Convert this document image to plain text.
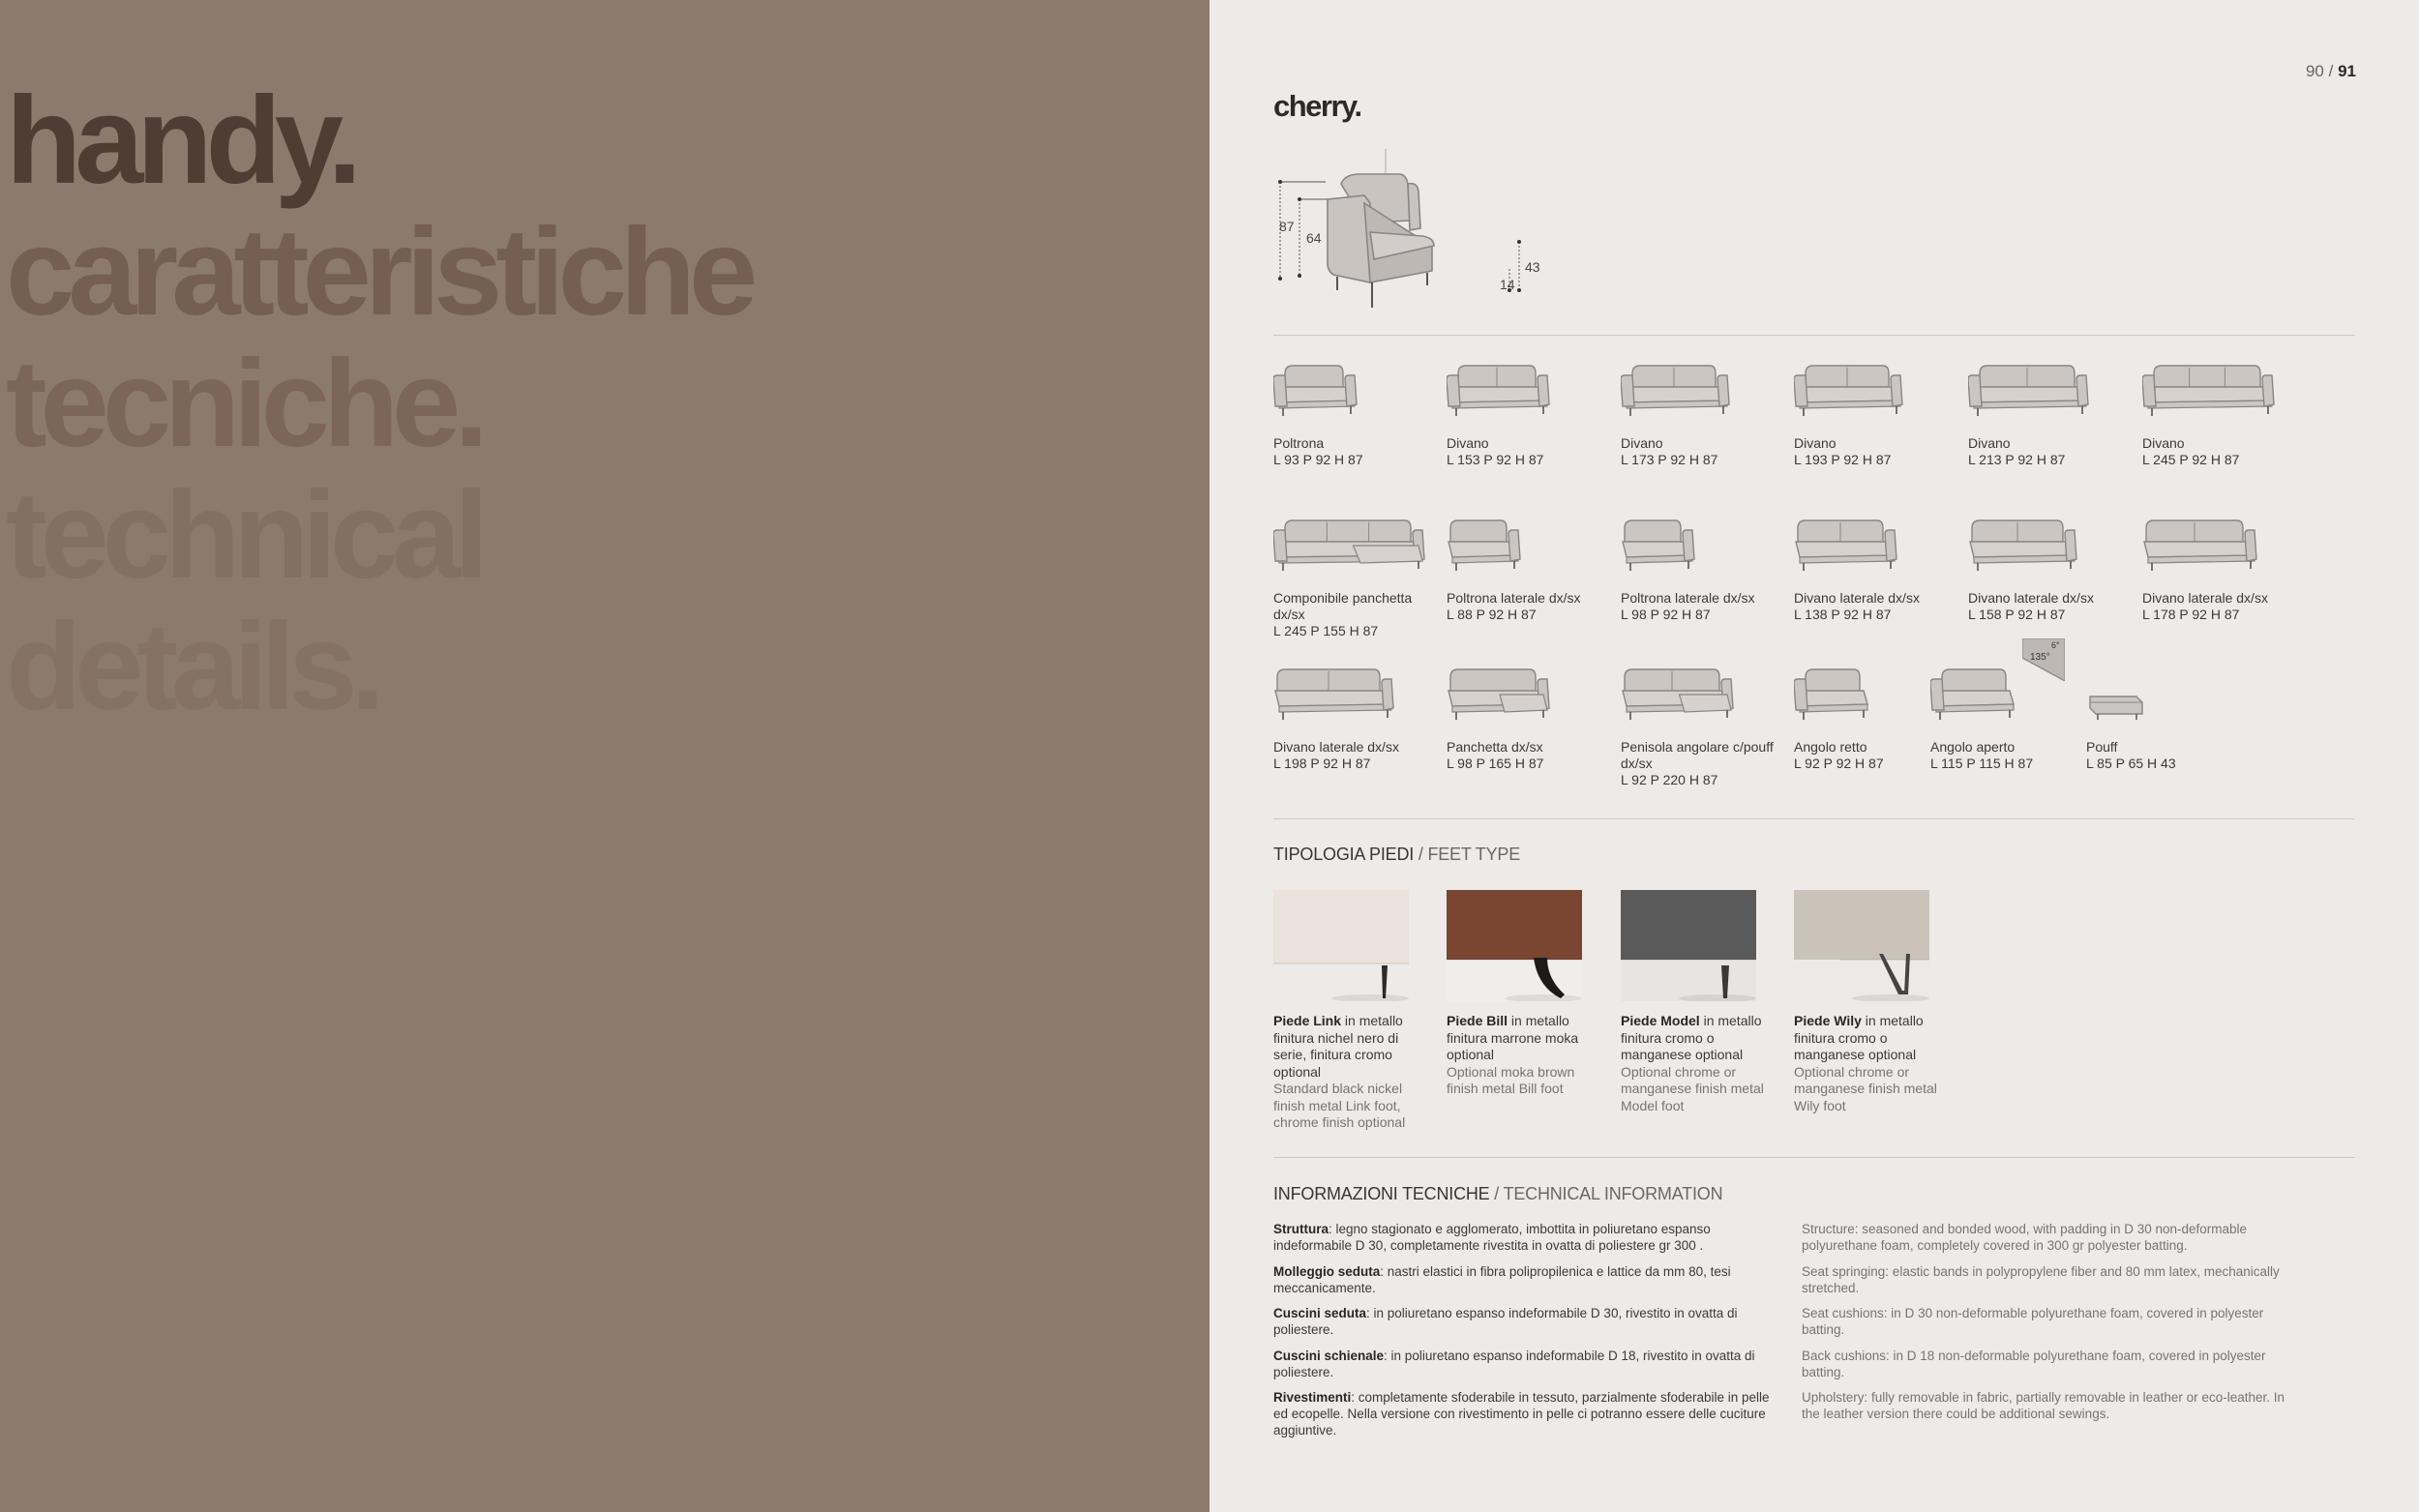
handy.
caratteristiche
tecniche.
technical
details.
90 / 91
cherry.
87
64
43
14
Poltrona
L 93 P 92 H 87
Divano
L 153 P 92 H 87
Divano
L 173 P 92 H 87
Divano
L 193 P 92 H 87
Divano
L 213 P 92 H 87
Divano
L 245 P 92 H 87
Componibile panchetta dx/sx
L 245 P 155 H 87
Poltrona laterale dx/sx
L 88 P 92 H 87
Poltrona laterale dx/sx
L 98 P 92 H 87
Divano laterale dx/sx
L 138 P 92 H 87
Divano laterale dx/sx
L 158 P 92 H 87
Divano laterale dx/sx
L 178 P 92 H 87
Divano laterale dx/sx
L 198 P 92 H 87
Panchetta dx/sx
L 98 P 165 H 87
Penisola angolare c/pouff dx/sx
L 92 P 220 H 87
Angolo retto
L 92 P 92 H 87
Angolo aperto
L 115 P 115 H 87
135°
6°
Pouff
L 85 P 65 H 43
TIPOLOGIA PIEDI / FEET TYPE
Piede Link in metallo finitura nichel nero di serie, finitura cromo optional
Standard black nickel finish metal Link foot, chrome finish optional
Piede Bill in metallo finitura marrone moka optional
Optional moka brown finish metal Bill foot
Piede Model in metallo finitura cromo o manganese optional
Optional chrome or manganese finish metal Model foot
Piede Wily in metallo finitura cromo o manganese optional
Optional chrome or manganese finish metal Wily foot
INFORMAZIONI TECNICHE / TECHNICAL INFORMATION

Struttura: legno stagionato e agglomerato, imbottita in poliuretano espanso indeformabile D 30, completamente rivestita in ovatta di poliestere gr 300 .

Molleggio seduta: nastri elastici in fibra polipropilenica e lattice da mm 80, tesi meccanicamente.

Cuscini seduta: in poliuretano espanso indeformabile D 30, rivestito in ovatta di poliestere.

Cuscini schienale: in poliuretano espanso indeformabile D 18, rivestito in ovatta di poliestere.

Rivestimenti: completamente sfoderabile in tessuto, parzialmente sfoderabile in pelle ed ecopelle. Nella versione con rivestimento in pelle ci potranno essere delle cuciture aggiuntive.

Structure: seasoned and bonded wood, with padding in D 30 non-deformable polyurethane foam, completely covered in 300 gr polyester batting.

Seat springing: elastic bands in polypropylene fiber and 80 mm latex, mechanically stretched.

Seat cushions: in D 30 non-deformable polyurethane foam, covered in polyester batting.

Back cushions: in D 18 non-deformable polyurethane foam, covered in polyester batting.

Upholstery: fully removable in fabric, partially removable in leather or eco-leather. In the leather version there could be additional sewings.
